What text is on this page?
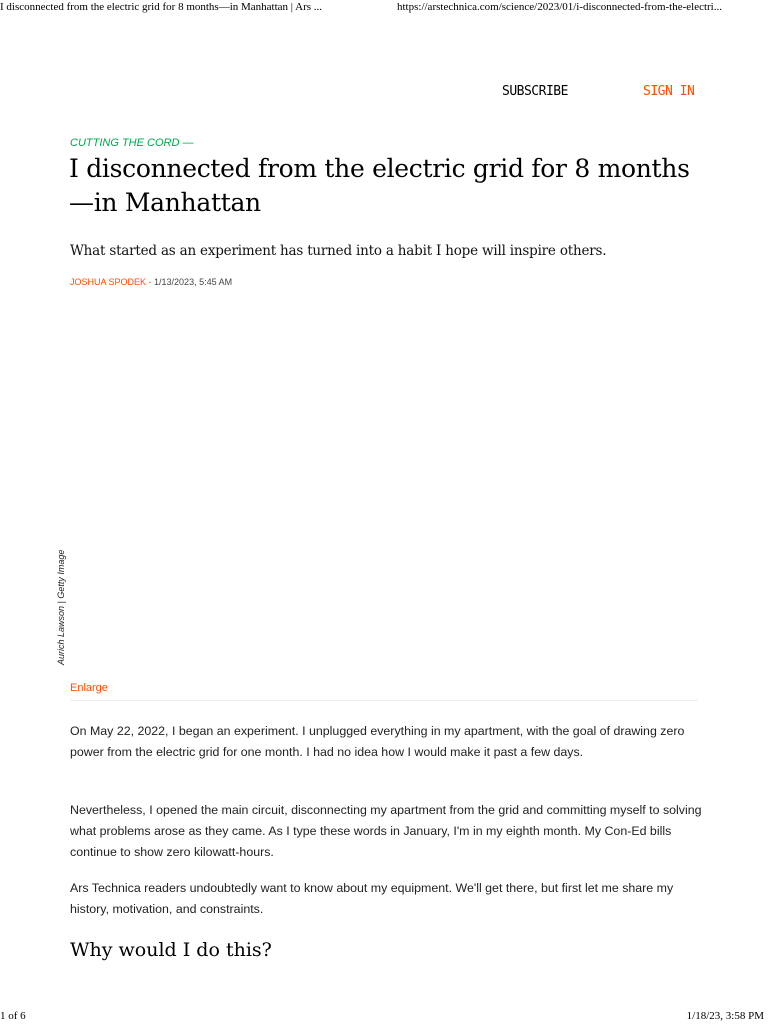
I disconnected from the electric grid for 8 months—in Manhattan | Ars ...	https://arstechnica.com/science/2023/01/i-disconnected-from-the-electri...
SUBSCRIBE	SIGN IN
CUTTING THE CORD —
I disconnected from the electric grid for 8 months—in Manhattan

What started as an experiment has turned into a habit I hope will inspire others.

JOSHUA SPODEK - 1/13/2023, 5:45 AM
Aurich Lawson | Getty Image
Enlarge

On May 22, 2022, I began an experiment. I unplugged everything in my apartment, with the goal of drawing zero power from the electric grid for one month. I had no idea how I would make it past a few days.

Nevertheless, I opened the main circuit, disconnecting my apartment from the grid and committing myself to solving what problems arose as they came. As I type these words in January, I'm in my eighth month. My Con-Ed bills continue to show zero kilowatt-hours.

Ars Technica readers undoubtedly want to know about my equipment. We'll get there, but first let me share my history, motivation, and constraints.

Why would I do this?
1 of 6	1/18/23, 3:58 PM
